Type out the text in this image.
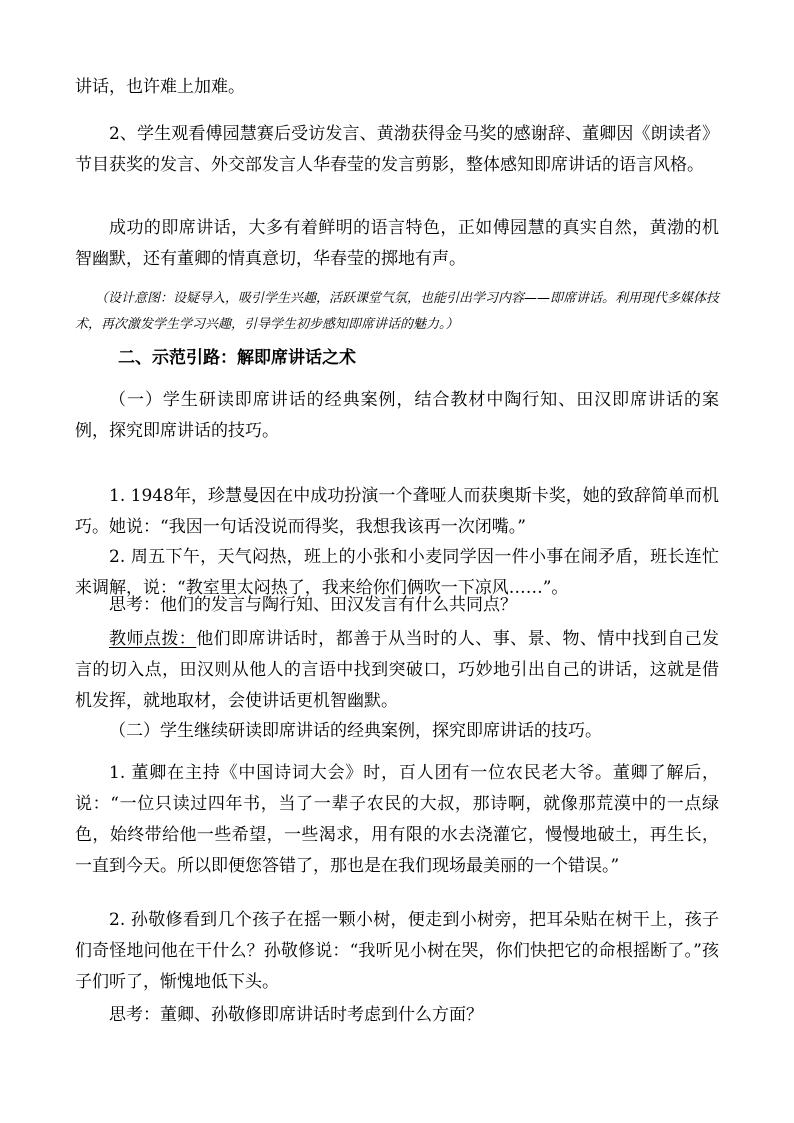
讲话，也许难上加难。

2、学生观看傅园慧赛后受访发言、黄渤获得金马奖的感谢辞、董卿因《朗读者》节目获奖的发言、外交部发言人华春莹的发言剪影，整体感知即席讲话的语言风格。

成功的即席讲话，大多有着鲜明的语言特色，正如傅园慧的真实自然，黄渤的机智幽默，还有董卿的情真意切，华春莹的掷地有声。

（设计意图：设疑导入，吸引学生兴趣，活跃课堂气氛，也能引出学习内容——即席讲话。利用现代多媒体技术，再次激发学生学习兴趣，引导学生初步感知即席讲话的魅力。）

二、示范引路：解即席讲话之术

（一）学生研读即席讲话的经典案例，结合教材中陶行知、田汉即席讲话的案例，探究即席讲话的技巧。

1. 1948年，珍慧曼因在中成功扮演一个聋哑人而获奥斯卡奖，她的致辞简单而机巧。她说：“我因一句话没说而得奖，我想我该再一次闭嘴。”

2. 周五下午，天气闷热，班上的小张和小麦同学因一件小事在闹矛盾，班长连忙来调解，说：“教室里太闷热了，我来给你们俩吹一下凉风……”。

思考：他们的发言与陶行知、田汉发言有什么共同点？

教师点拨：他们即席讲话时，都善于从当时的人、事、景、物、情中找到自己发言的切入点，田汉则从他人的言语中找到突破口，巧妙地引出自己的讲话，这就是借机发挥，就地取材，会使讲话更机智幽默。

（二）学生继续研读即席讲话的经典案例，探究即席讲话的技巧。

1. 董卿在主持《中国诗词大会》时，百人团有一位农民老大爷。董卿了解后，说：“一位只读过四年书，当了一辈子农民的大叔，那诗啊，就像那荒漠中的一点绿色，始终带给他一些希望，一些渴求，用有限的水去浇灌它，慢慢地破土，再生长，一直到今天。所以即便您答错了，那也是在我们现场最美丽的一个错误。”

2. 孙敬修看到几个孩子在摇一颗小树，便走到小树旁，把耳朵贴在树干上，孩子们奇怪地问他在干什么？孙敬修说：“我听见小树在哭，你们快把它的命根摇断了。”孩子们听了，惭愧地低下头。

思考：董卿、孙敬修即席讲话时考虑到什么方面？
